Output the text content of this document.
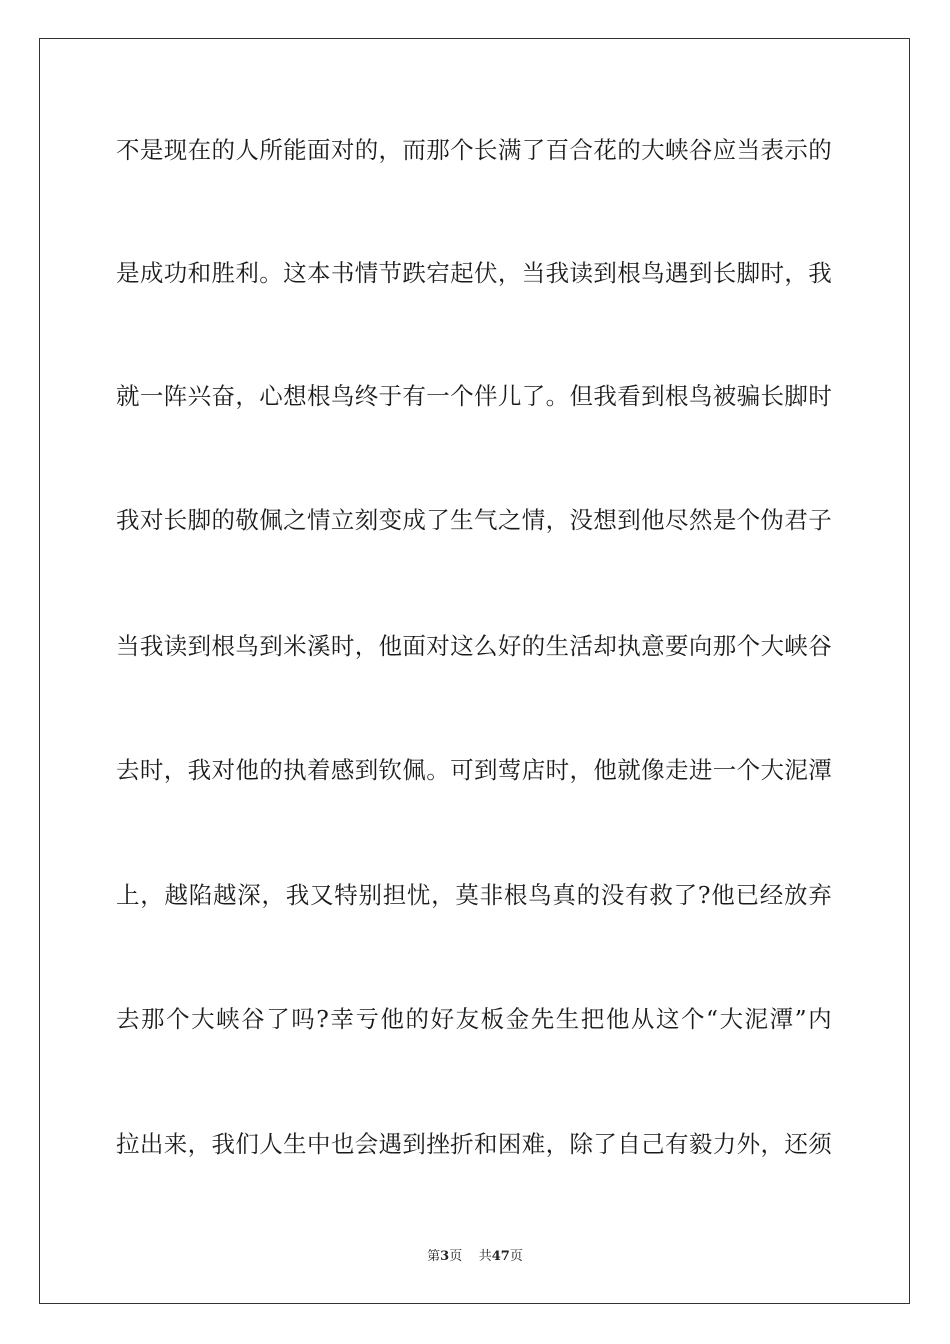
不是现在的人所能面对的，而那个长满了百合花的大峡谷应当表示的
是成功和胜利。这本书情节跌宕起伏，当我读到根鸟遇到长脚时，我
就一阵兴奋，心想根鸟终于有一个伴儿了。但我看到根鸟被骗长脚时
我对长脚的敬佩之情立刻变成了生气之情，没想到他尽然是个伪君子
当我读到根鸟到米溪时，他面对这么好的生活却执意要向那个大峡谷
去时，我对他的执着感到钦佩。可到莺店时，他就像走进一个大泥潭
上，越陷越深，我又特别担忧，莫非根鸟真的没有救了?他已经放弃
去那个大峡谷了吗?幸亏他的好友板金先生把他从这个“大泥潭”内
拉出来，我们人生中也会遇到挫折和困难，除了自己有毅力外，还须
第3页 共47页
